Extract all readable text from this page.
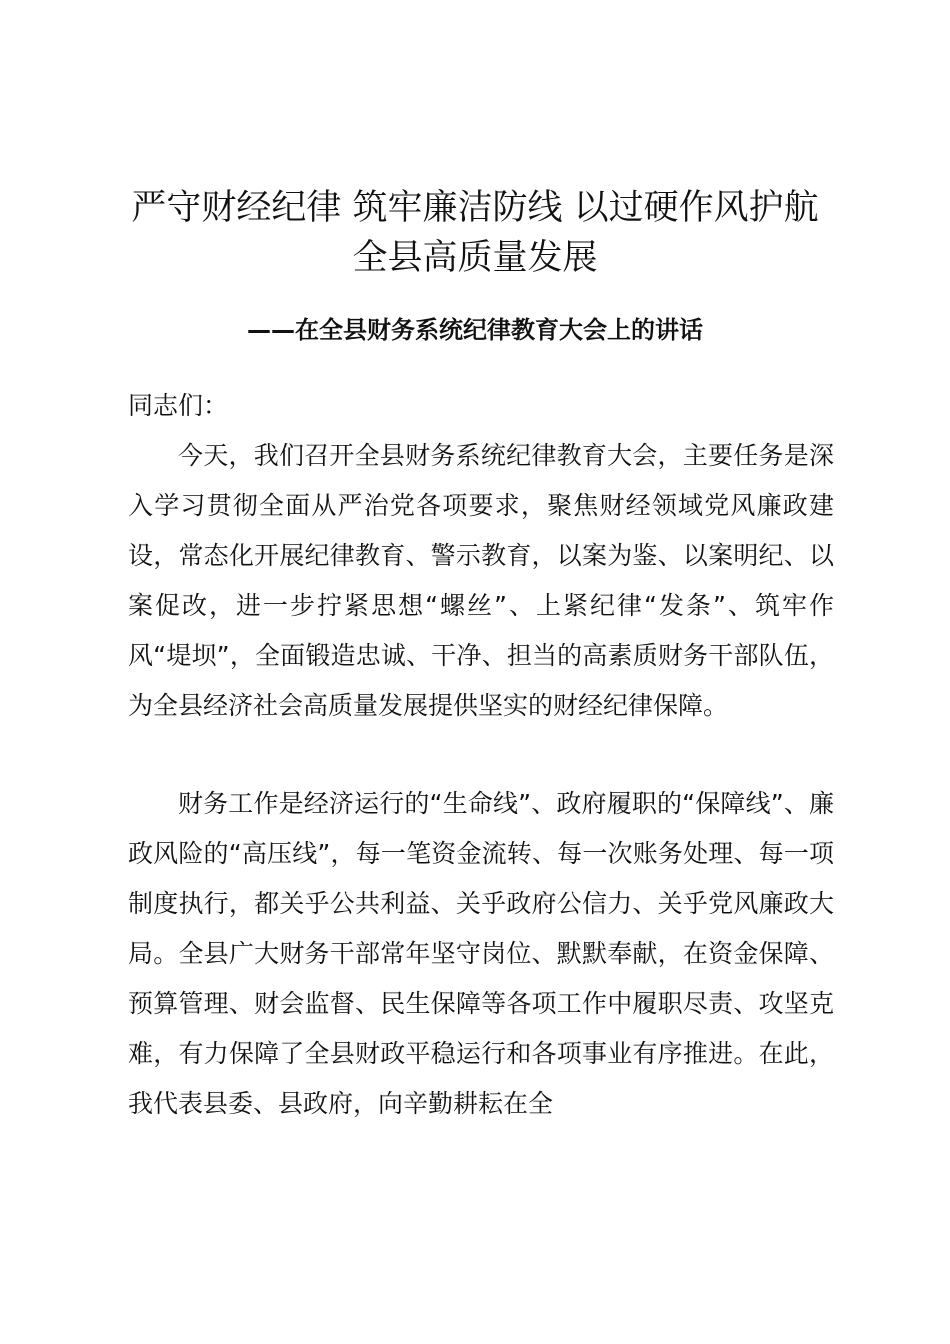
严守财经纪律 筑牢廉洁防线 以过硬作风护航
全县高质量发展
——在全县财务系统纪律教育大会上的讲话

同志们：

今天，我们召开全县财务系统纪律教育大会，主要任务是深入学习贯彻全面从严治党各项要求，聚焦财经领域党风廉政建设，常态化开展纪律教育、警示教育，以案为鉴、以案明纪、以案促改，进一步拧紧思想“螺丝”、上紧纪律“发条”、筑牢作风“堤坝”，全面锻造忠诚、干净、担当的高素质财务干部队伍，为全县经济社会高质量发展提供坚实的财经纪律保障。

财务工作是经济运行的“生命线”、政府履职的“保障线”、廉政风险的“高压线”，每一笔资金流转、每一次账务处理、每一项制度执行，都关乎公共利益、关乎政府公信力、关乎党风廉政大局。全县广大财务干部常年坚守岗位、默默奉献，在资金保障、预算管理、财会监督、民生保障等各项工作中履职尽责、攻坚克难，有力保障了全县财政平稳运行和各项事业有序推进。在此，我代表县委、县政府，向辛勤耕耘在全
